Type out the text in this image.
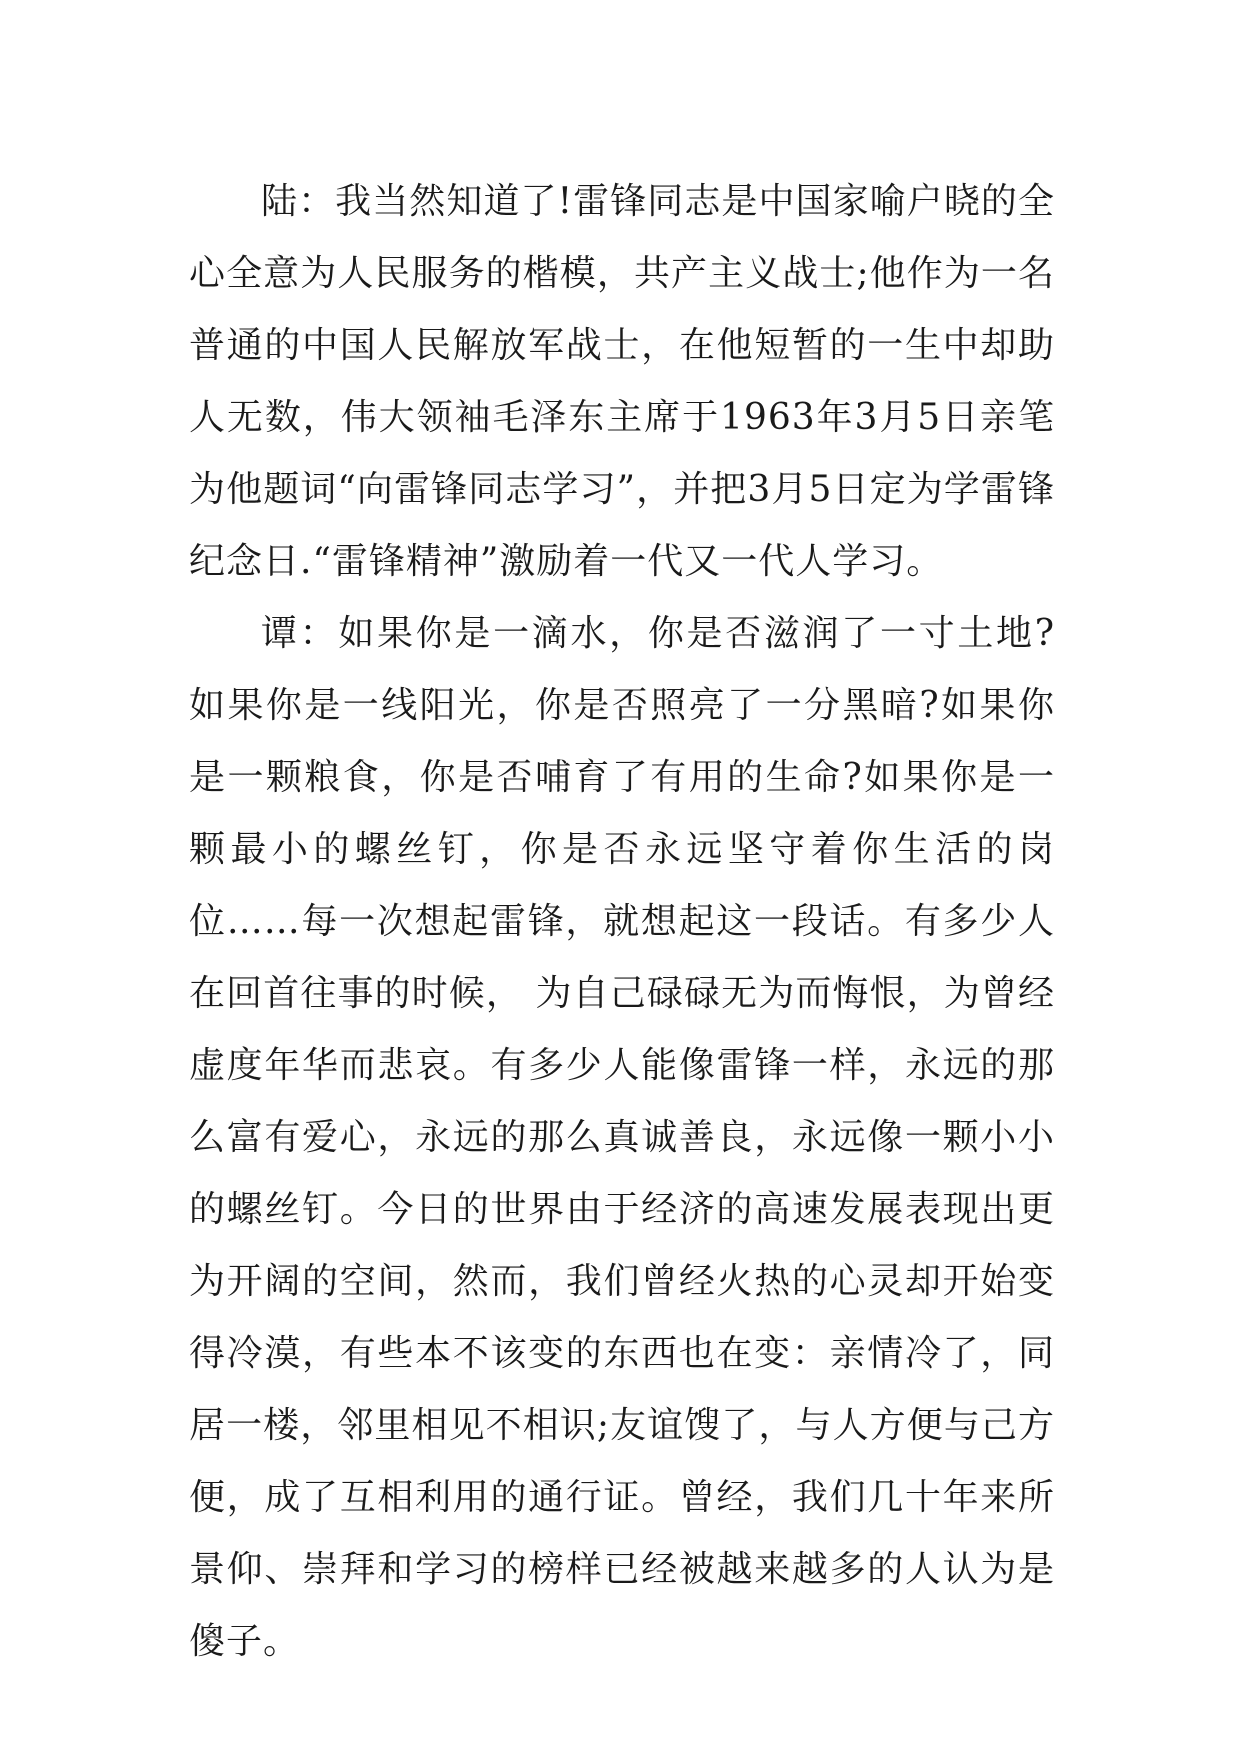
陆：我当然知道了!雷锋同志是中国家喻户晓的全心全意为人民服务的楷模，共产主义战士;他作为一名普通的中国人民解放军战士，在他短暂的一生中却助人无数，伟大领袖毛泽东主席于1963年3月5日亲笔为他题词“向雷锋同志学习”，并把3月5日定为学雷锋纪念日.“雷锋精神”激励着一代又一代人学习。

谭：如果你是一滴水，你是否滋润了一寸土地?如果你是一线阳光，你是否照亮了一分黑暗?如果你是一颗粮食，你是否哺育了有用的生命?如果你是一颗最小的螺丝钉，你是否永远坚守着你生活的岗位……每一次想起雷锋，就想起这一段话。有多少人在回首往事的时候， 为自己碌碌无为而悔恨，为曾经虚度年华而悲哀。有多少人能像雷锋一样，永远的那么富有爱心，永远的那么真诚善良，永远像一颗小小的螺丝钉。今日的世界由于经济的高速发展表现出更为开阔的空间，然而，我们曾经火热的心灵却开始变得冷漠，有些本不该变的东西也在变：亲情冷了，同居一楼，邻里相见不相识;友谊馊了，与人方便与己方便，成了互相利用的通行证。曾经，我们几十年来所景仰、崇拜和学习的榜样已经被越来越多的人认为是傻子。
